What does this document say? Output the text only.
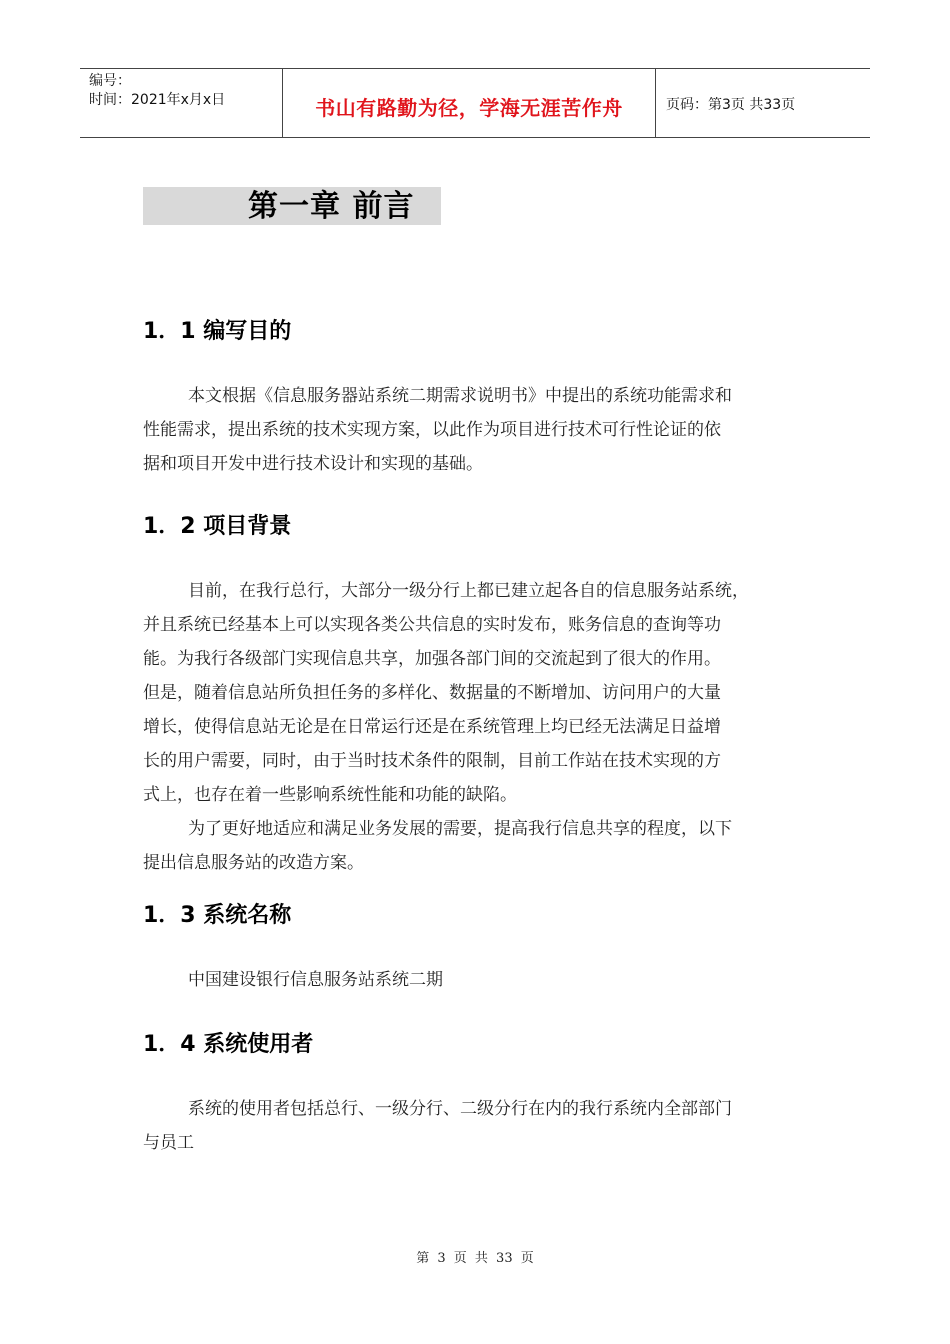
编号：
时间：2021年x月x日	书山有路勤为径，学海无涯苦作舟	页码：第3页 共33页
第一章 前言
1．1 编写目的
本文根据《信息服务器站系统二期需求说明书》中提出的系统功能需求和
性能需求，提出系统的技术实现方案，以此作为项目进行技术可行性论证的依
据和项目开发中进行技术设计和实现的基础。
1．2 项目背景
目前，在我行总行，大部分一级分行上都已建立起各自的信息服务站系统，
并且系统已经基本上可以实现各类公共信息的实时发布，账务信息的查询等功
能。为我行各级部门实现信息共享，加强各部门间的交流起到了很大的作用。
但是，随着信息站所负担任务的多样化、数据量的不断增加、访问用户的大量
增长，使得信息站无论是在日常运行还是在系统管理上均已经无法满足日益增
长的用户需要，同时，由于当时技术条件的限制，目前工作站在技术实现的方
式上，也存在着一些影响系统性能和功能的缺陷。
为了更好地适应和满足业务发展的需要，提高我行信息共享的程度，以下
提出信息服务站的改造方案。
1．3 系统名称
中国建设银行信息服务站系统二期
1．4 系统使用者
系统的使用者包括总行、一级分行、二级分行在内的我行系统内全部部门
与员工
第 3 页 共 33 页
